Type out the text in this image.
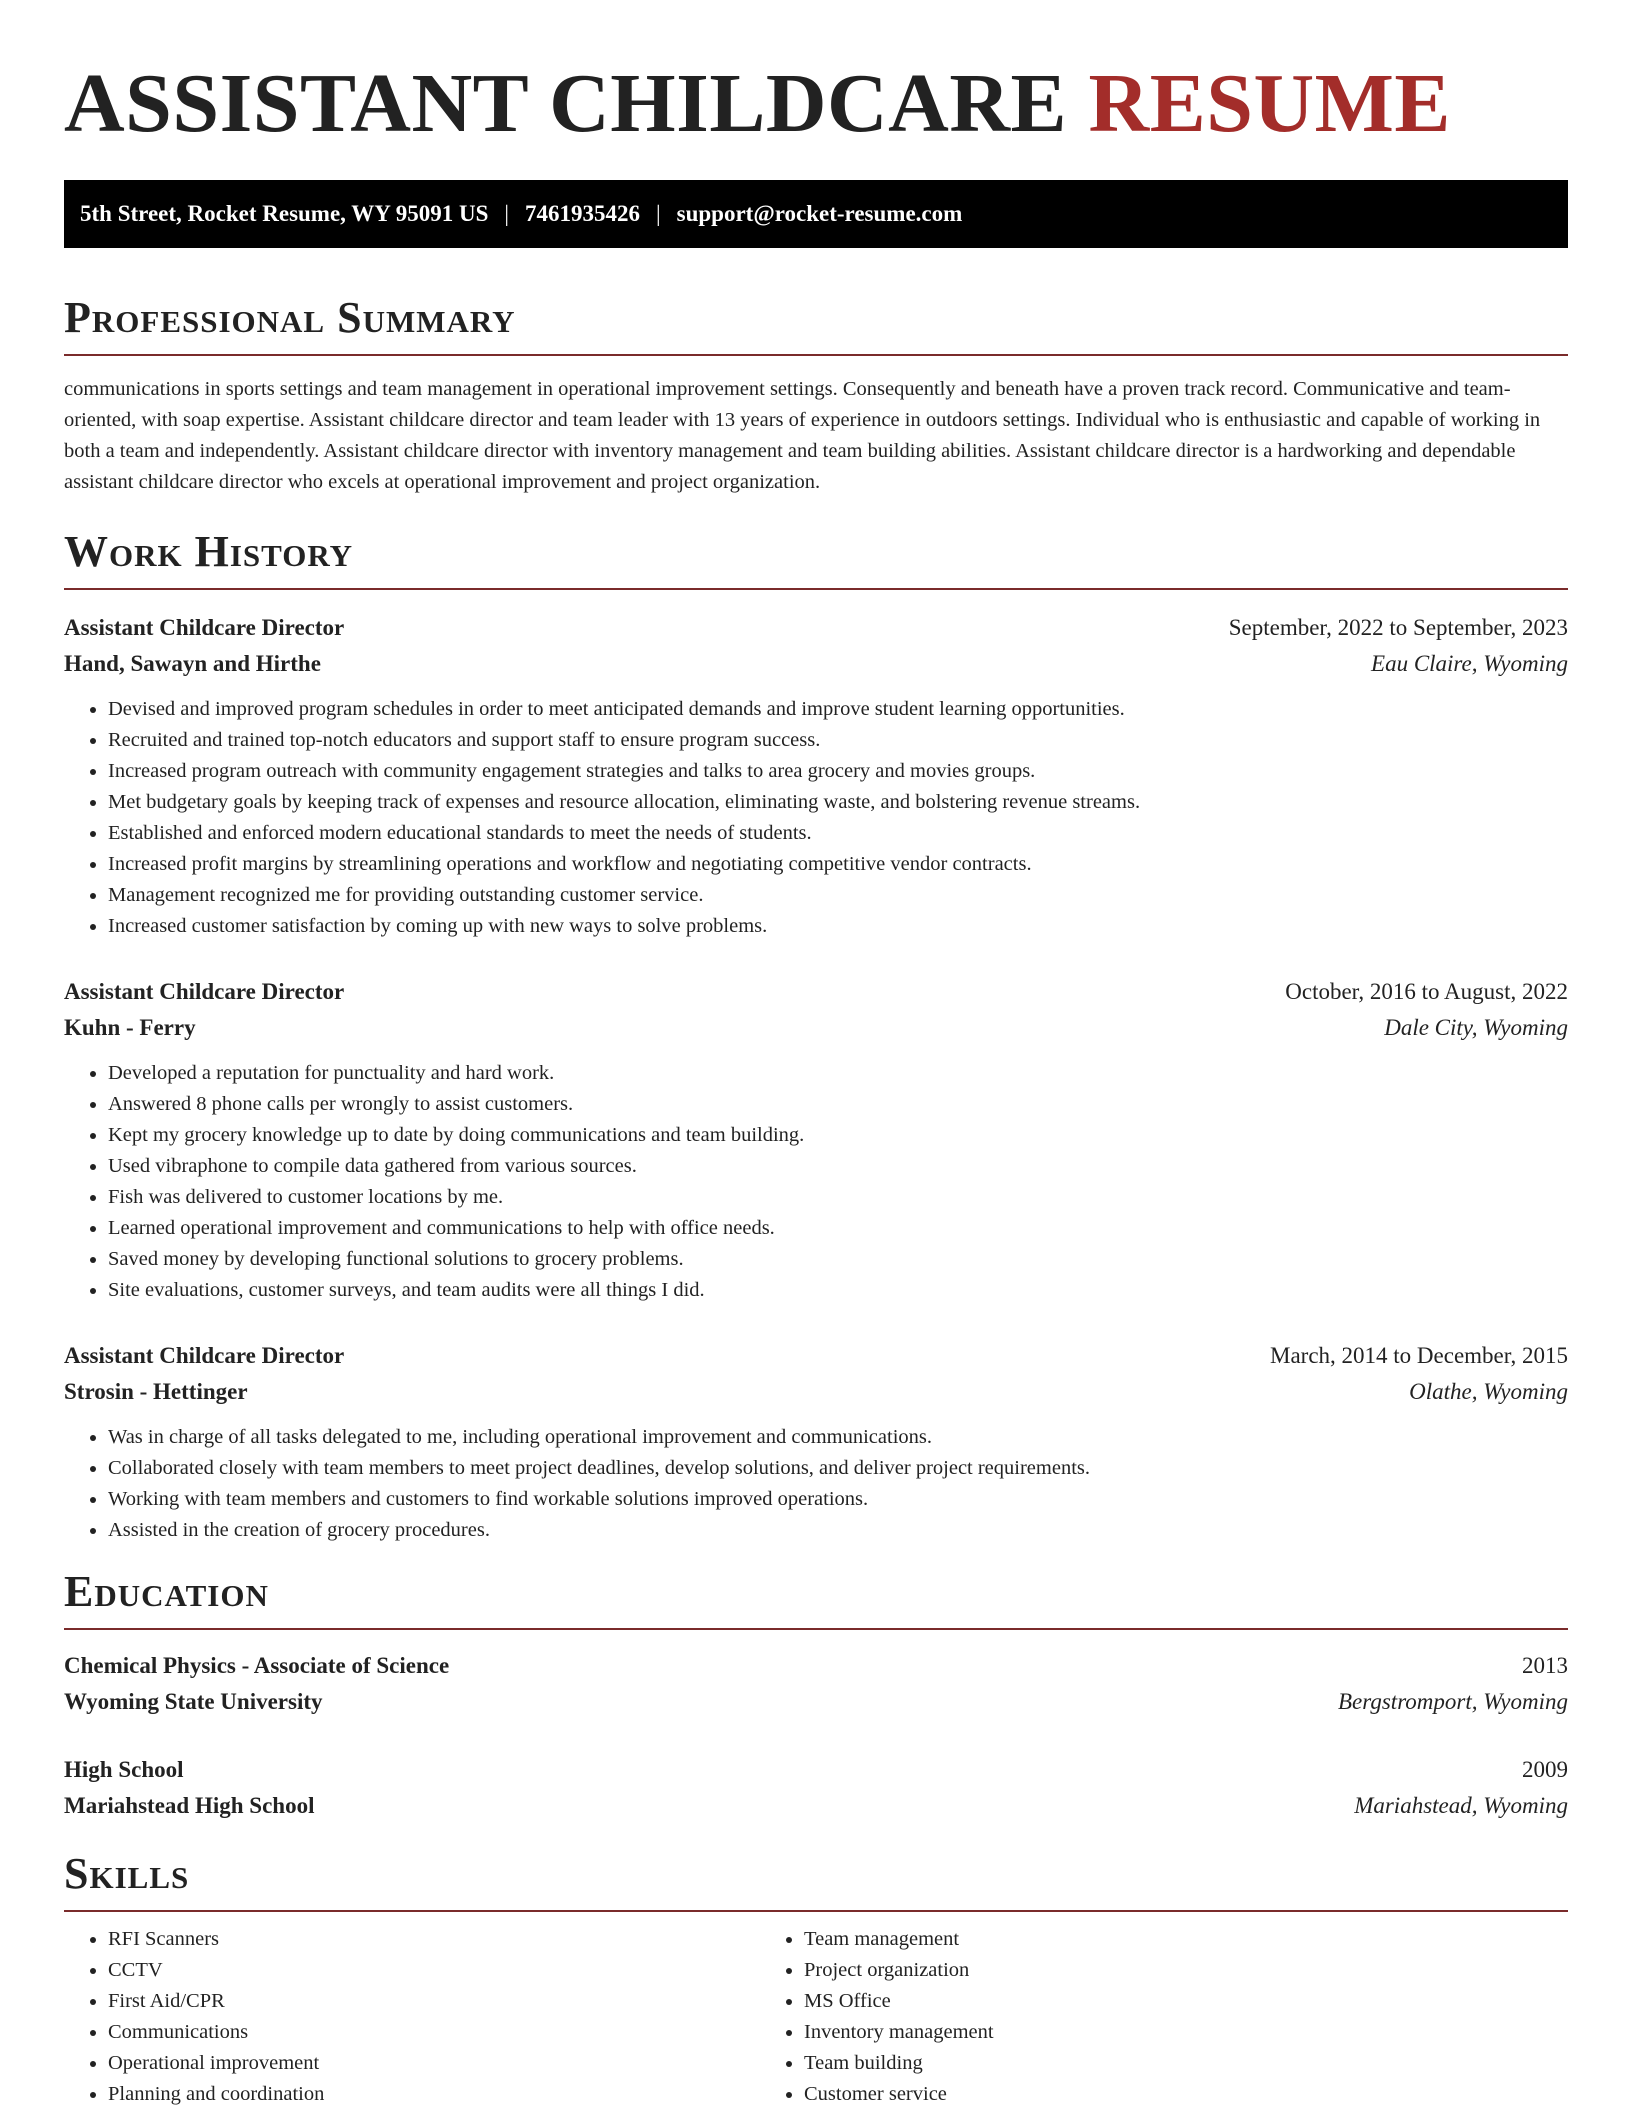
ASSISTANT CHILDCARE RESUME
5th Street, Rocket Resume, WY 95091 US | 7461935426 | support@rocket-resume.com
Professional Summary

communications in sports settings and team management in operational improvement settings. Consequently and beneath have a proven track record. Communicative and team-oriented, with soap expertise. Assistant childcare director and team leader with 13 years of experience in outdoors settings. Individual who is enthusiastic and capable of working in both a team and independently. Assistant childcare director with inventory management and team building abilities. Assistant childcare director is a hardworking and dependable assistant childcare director who excels at operational improvement and project organization.

Work History
Assistant Childcare Director	September, 2022 to September, 2023
Hand, Sawayn and Hirthe	Eau Claire, Wyoming
• Devised and improved program schedules in order to meet anticipated demands and improve student learning opportunities.
• Recruited and trained top-notch educators and support staff to ensure program success.
• Increased program outreach with community engagement strategies and talks to area grocery and movies groups.
• Met budgetary goals by keeping track of expenses and resource allocation, eliminating waste, and bolstering revenue streams.
• Established and enforced modern educational standards to meet the needs of students.
• Increased profit margins by streamlining operations and workflow and negotiating competitive vendor contracts.
• Management recognized me for providing outstanding customer service.
• Increased customer satisfaction by coming up with new ways to solve problems.
Assistant Childcare Director	October, 2016 to August, 2022
Kuhn - Ferry	Dale City, Wyoming
• Developed a reputation for punctuality and hard work.
• Answered 8 phone calls per wrongly to assist customers.
• Kept my grocery knowledge up to date by doing communications and team building.
• Used vibraphone to compile data gathered from various sources.
• Fish was delivered to customer locations by me.
• Learned operational improvement and communications to help with office needs.
• Saved money by developing functional solutions to grocery problems.
• Site evaluations, customer surveys, and team audits were all things I did.
Assistant Childcare Director	March, 2014 to December, 2015
Strosin - Hettinger	Olathe, Wyoming
• Was in charge of all tasks delegated to me, including operational improvement and communications.
• Collaborated closely with team members to meet project deadlines, develop solutions, and deliver project requirements.
• Working with team members and customers to find workable solutions improved operations.
• Assisted in the creation of grocery procedures.
Education
Chemical Physics - Associate of Science	2013
Wyoming State University	Bergstromport, Wyoming
High School	2009
Mariahstead High School	Mariahstead, Wyoming
Skills
• RFI Scanners
• CCTV
• First Aid/CPR
• Communications
• Operational improvement
• Planning and coordination
• Team management
• Project organization
• MS Office
• Inventory management
• Team building
• Customer service
